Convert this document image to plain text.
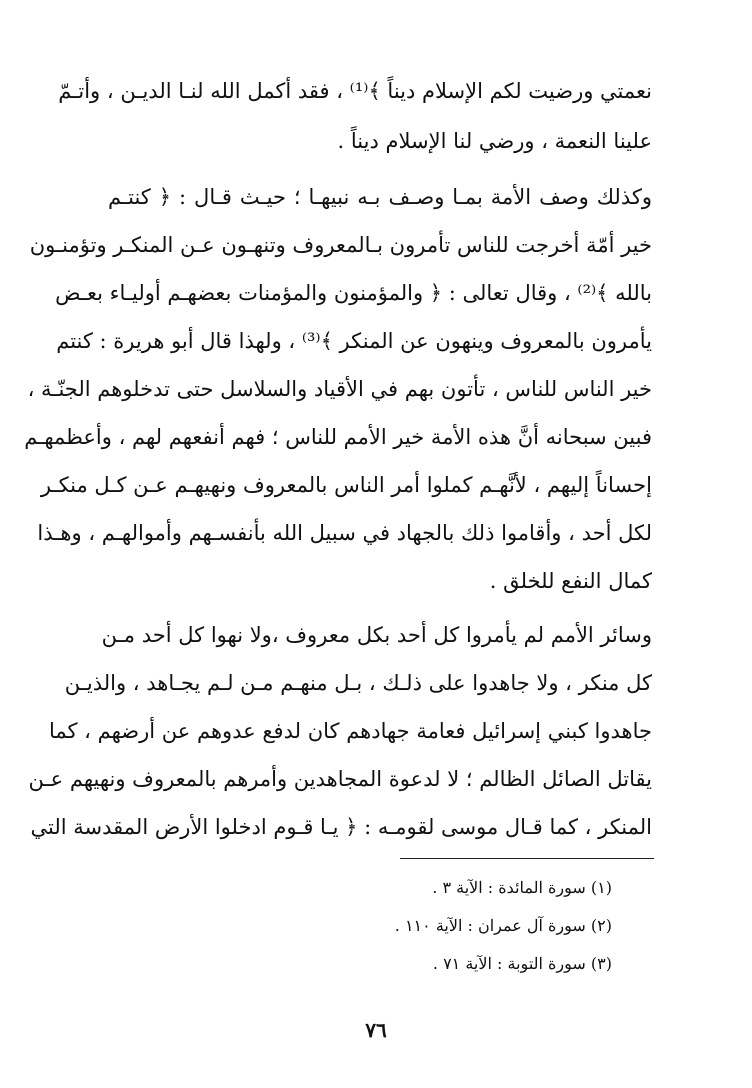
نعمتي ورضيت لكم الإسلام ديناً ﴾⁽¹⁾ ، فقد أكمل الله لنـا الديـن ، وأتـمّ
علينا النعمة ، ورضي لنا الإسلام ديناً .
وكذلك وصف الأمة بمـا وصـف بـه نبيهـا ؛ حيـث قـال : ﴿ كنتـم
خير أمّة أخرجت للناس تأمرون بـالمعروف وتنهـون عـن المنكـر وتؤمنـون
بالله ﴾⁽²⁾ ، وقال تعالى : ﴿ والمؤمنون والمؤمنات بعضهـم أوليـاء بعـض
يأمرون بالمعروف وينهون عن المنكر ﴾⁽³⁾ ، ولهذا قال أبو هريرة : كنتم
خير الناس للناس ، تأتون بهم في الأقياد والسلاسل حتى تدخلوهم الجنّـة ،
فبين سبحانه أنَّ هذه الأمة خير الأمم للناس ؛ فهم أنفعهم لهم ، وأعظمهـم
إحساناً إليهم ، لأنَّهـم كملوا أمر الناس بالمعروف ونهيهـم عـن كـل منكـر
لكل أحد ، وأقاموا ذلك بالجهاد في سبيل الله بأنفسـهم وأموالهـم ، وهـذا
كمال النفع للخلق .
وسائر الأمم لم يأمروا كل أحد بكل معروف ،ولا نهوا كل أحد مـن
كل منكر ، ولا جاهدوا على ذلـك ، بـل منهـم مـن لـم يجـاهد ، والذيـن
جاهدوا كبني إسرائيل فعامة جهادهم كان لدفع عدوهم عن أرضهم ، كما
يقاتل الصائل الظالم ؛ لا لدعوة المجاهدين وأمرهم بالمعروف ونهيهم عـن
المنكر ، كما قـال موسى لقومـه : ﴿ يـا قـوم ادخلوا الأرض المقدسة التي
(١) سورة المائدة : الآية ٣ .
(٢) سورة آل عمران : الآية ١١٠ .
(٣) سورة التوبة : الآية ٧١ .
٧٦
